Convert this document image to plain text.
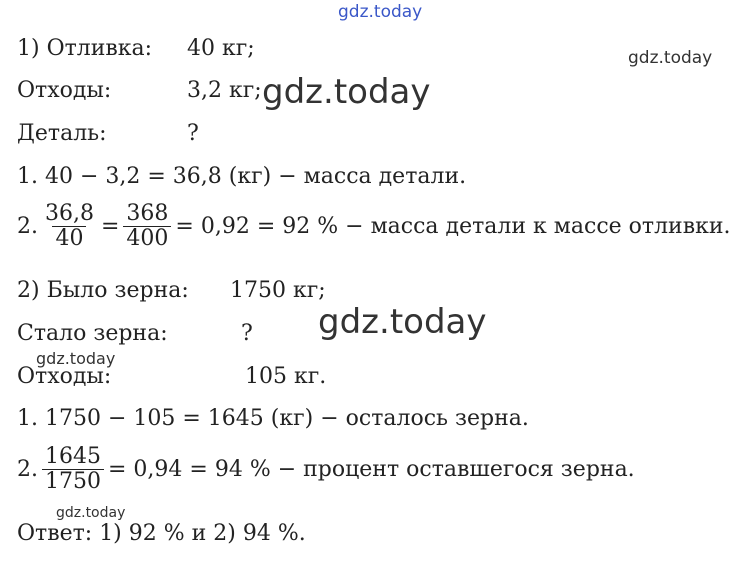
gdz.today
gdz.today
gdz.today
gdz.today
gdz.today
gdz.today
1) Отливка: 40 кг;
Отходы:	3,2 кг;
Деталь:	?
1. 40 − 3,2 = 36,8 (кг) − масса детали.
2. $\frac{36,8}{40} = \frac{368}{400} = 0,92 = 92$ % − масса детали к массе отливки.
2) Было зерна: 1750 кг;
Стало зерна:	?
Отходы:	105 кг.
1. 1750 − 105 = 1645 (кг) − осталось зерна.
2. $\frac{1645}{1750} = 0,94 = 94$ % − процент оставшегося зерна.
Ответ: 1) 92 % и 2) 94 %.
